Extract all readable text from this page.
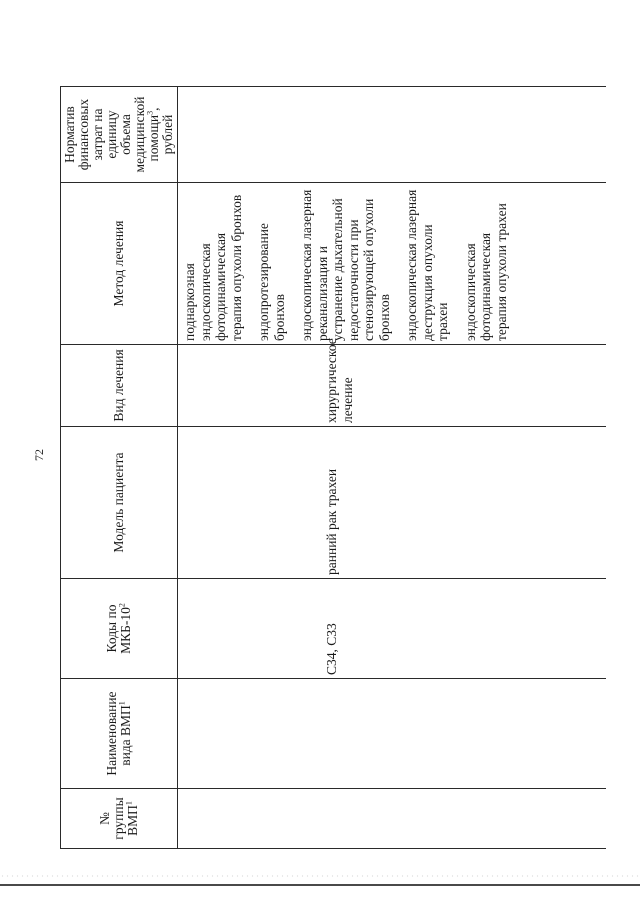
72
№ группы ВМП$^1$	Наименование вида ВМП$^1$	Коды по МКБ-$10^2$	Модель пациента	Вид лечения	Метод лечения	Норматив финансовых затрат на единицу объема медицинской помощи$^3$, рублей

		C34, C33	ранний рак трахеи	хирургическое лечение	поднаркозная эндоскопическая фотодинамическая терапия опухоли бронхов эндопротезирование бронхов эндоскопическая лазерная реканализация и устранение дыхательной недостаточности при стенозирующей опухоли бронхов эндоскопическая лазерная деструкция опухоли трахеи эндоскопическая фотодинамическая терапия опухоли трахеи	
